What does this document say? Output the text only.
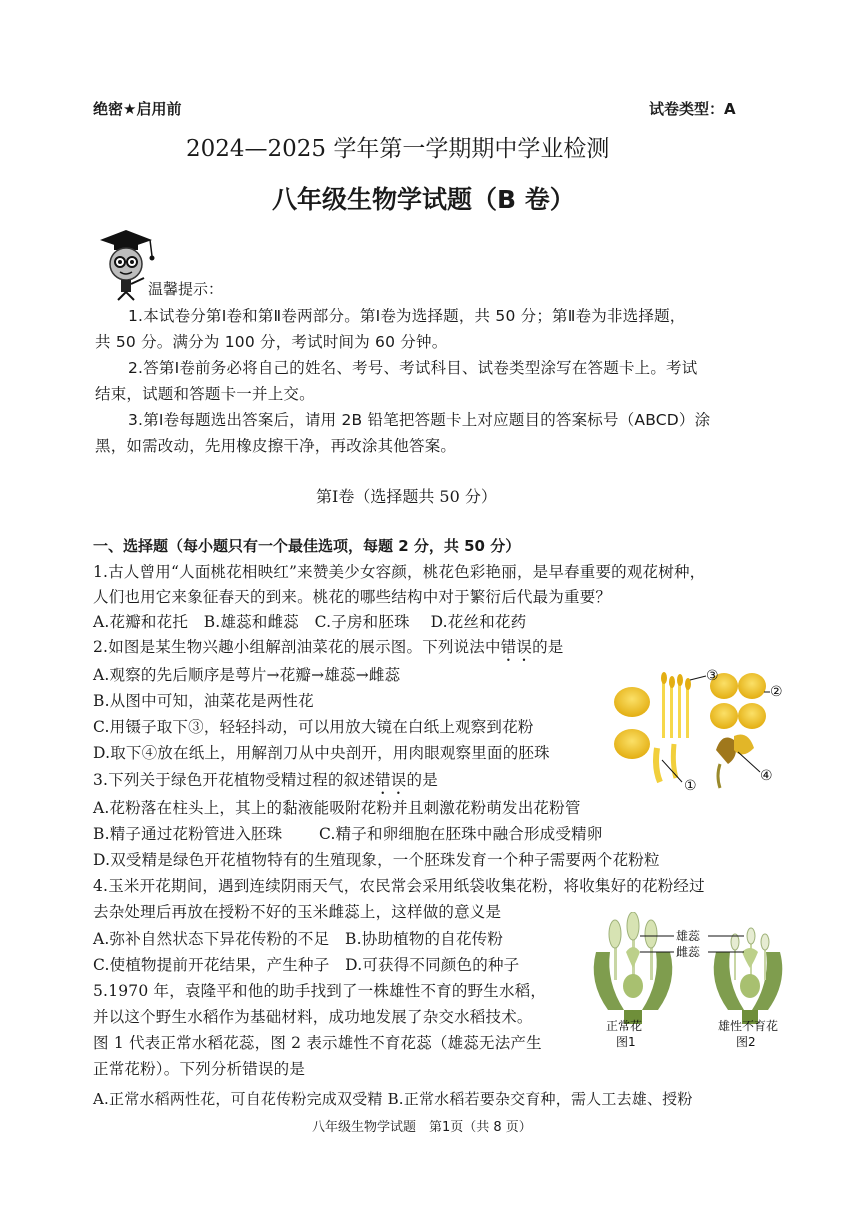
绝密★启用前	试卷类型：A
2024—2025 学年第一学期期中学业检测
八年级生物学试题（B 卷）
温馨提示：
1.本试卷分第Ⅰ卷和第Ⅱ卷两部分。第Ⅰ卷为选择题，共 50 分；第Ⅱ卷为非选择题，
共 50 分。满分为 100 分，考试时间为 60 分钟。
2.答第Ⅰ卷前务必将自己的姓名、考号、考试科目、试卷类型涂写在答题卡上。考试
结束，试题和答题卡一并上交。
3.第Ⅰ卷每题选出答案后，请用 2B 铅笔把答题卡上对应题目的答案标号（ABCD）涂
黑，如需改动，先用橡皮擦干净，再改涂其他答案。
第Ⅰ卷（选择题共 50 分）
一、选择题（每小题只有一个最佳选项，每题 2 分，共 50 分）
1.古人曾用“人面桃花相映红”来赞美少女容颜，桃花色彩艳丽，是早春重要的观花树种，
人们也用它来象征春天的到来。桃花的哪些结构中对于繁衍后代最为重要？
A.花瓣和花托　B.雄蕊和雌蕊　C.子房和胚珠　 D.花丝和花药
2.如图是某生物兴趣小组解剖油菜花的展示图。下列说法中错误的是
A.观察的先后顺序是萼片→花瓣→雄蕊→雌蕊
B.从图中可知，油菜花是两性花
C.用镊子取下③，轻轻抖动，可以用放大镜在白纸上观察到花粉
D.取下④放在纸上，用解剖刀从中央剖开，用肉眼观察里面的胚珠
③
②
①
④
3.下列关于绿色开花植物受精过程的叙述错误的是
A.花粉落在柱头上，其上的黏液能吸附花粉并且刺激花粉萌发出花粉管
B.精子通过花粉管进入胚珠　　 C.精子和卵细胞在胚珠中融合形成受精卵
D.双受精是绿色开花植物特有的生殖现象，一个胚珠发育一个种子需要两个花粉粒
4.玉米开花期间，遇到连续阴雨天气，农民常会采用纸袋收集花粉，将收集好的花粉经过
去杂处理后再放在授粉不好的玉米雌蕊上，这样做的意义是
A.弥补自然状态下异花传粉的不足　B.协助植物的自花传粉
C.使植物提前开花结果，产生种子　D.可获得不同颜色的种子
5.1970 年，袁隆平和他的助手找到了一株雄性不育的野生水稻，
并以这个野生水稻作为基础材料，成功地发展了杂交水稻技术。
图 1 代表正常水稻花蕊，图 2 表示雄性不育花蕊（雄蕊无法产生
正常花粉）。下列分析错误的是
A.正常水稻两性花，可自花传粉完成双受精 B.正常水稻若要杂交育种，需人工去雄、授粉
雄蕊
雌蕊
正常花
图1
雄性不育花
图2
八年级生物学试题　第1页（共 8 页）
